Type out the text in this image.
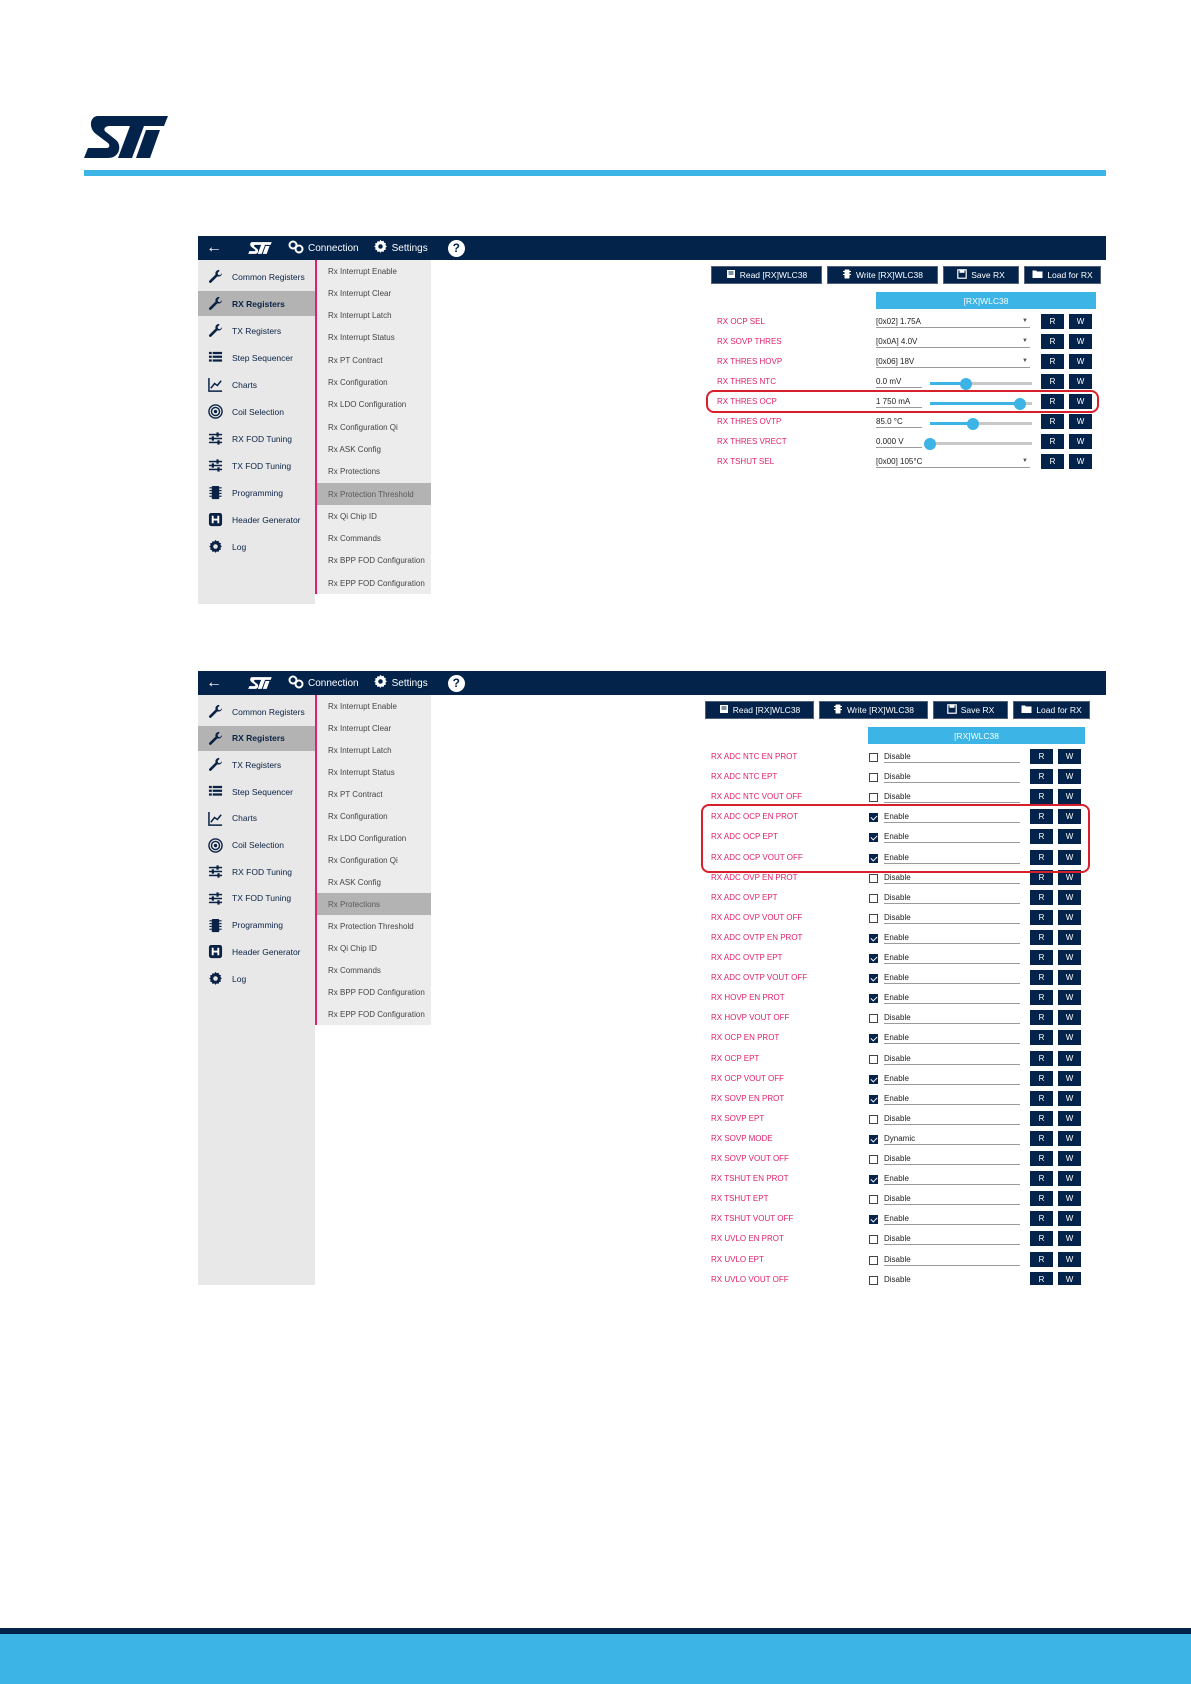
←	Connection	Settings	?
Common Registers
RX Registers
TX Registers
Step Sequencer
Charts
Coil Selection
RX FOD Tuning
TX FOD Tuning
Programming
Header Generator
Log
Rx Interrupt Enable
Rx Interrupt Clear
Rx Interrupt Latch
Rx Interrupt Status
Rx PT Contract
Rx Configuration
Rx LDO Configuration
Rx Configuration Qi
Rx ASK Config
Rx Protections
Rx Protection Threshold
Rx Qi Chip ID
Rx Commands
Rx BPP FOD Configuration
Rx EPP FOD Configuration
Read [RX]WLC38	Write [RX]WLC38	Save RX	Load for RX
[RX]WLC38
RX OCP SEL	[0x02] 1.75A	▼	R	W
RX SOVP THRES	[0x0A] 4.0V	▼	R	W
RX THRES HOVP	[0x06] 18V	▼	R	W
RX THRES NTC	0.0 mV	R	W
RX THRES OCP	1 750 mA	R	W
RX THRES OVTP	85.0 °C	R	W
RX THRES VRECT	0.000 V	R	W
RX TSHUT SEL	[0x00] 105°C	▼	R	W
←	Connection	Settings	?
Common Registers
RX Registers
TX Registers
Step Sequencer
Charts
Coil Selection
RX FOD Tuning
TX FOD Tuning
Programming
Header Generator
Log
Rx Interrupt Enable
Rx Interrupt Clear
Rx Interrupt Latch
Rx Interrupt Status
Rx PT Contract
Rx Configuration
Rx LDO Configuration
Rx Configuration Qi
Rx ASK Config
Rx Protections
Rx Protection Threshold
Rx Qi Chip ID
Rx Commands
Rx BPP FOD Configuration
Rx EPP FOD Configuration
Read [RX]WLC38	Write [RX]WLC38	Save RX	Load for RX
[RX]WLC38
RX ADC NTC EN PROT	Disable	R	W
RX ADC NTC EPT	Disable	R	W
RX ADC NTC VOUT OFF	Disable	R	W
RX ADC OCP EN PROT	Enable	R	W
RX ADC OCP EPT	Enable	R	W
RX ADC OCP VOUT OFF	Enable	R	W
RX ADC OVP EN PROT	Disable	R	W
RX ADC OVP EPT	Disable	R	W
RX ADC OVP VOUT OFF	Disable	R	W
RX ADC OVTP EN PROT	Enable	R	W
RX ADC OVTP EPT	Enable	R	W
RX ADC OVTP VOUT OFF	Enable	R	W
RX HOVP EN PROT	Enable	R	W
RX HOVP VOUT OFF	Disable	R	W
RX OCP EN PROT	Enable	R	W
RX OCP EPT	Disable	R	W
RX OCP VOUT OFF	Enable	R	W
RX SOVP EN PROT	Enable	R	W
RX SOVP EPT	Disable	R	W
RX SOVP MODE	Dynamic	R	W
RX SOVP VOUT OFF	Disable	R	W
RX TSHUT EN PROT	Enable	R	W
RX TSHUT EPT	Disable	R	W
RX TSHUT VOUT OFF	Enable	R	W
RX UVLO EN PROT	Disable	R	W
RX UVLO EPT	Disable	R	W
RX UVLO VOUT OFF	Disable	R	W
